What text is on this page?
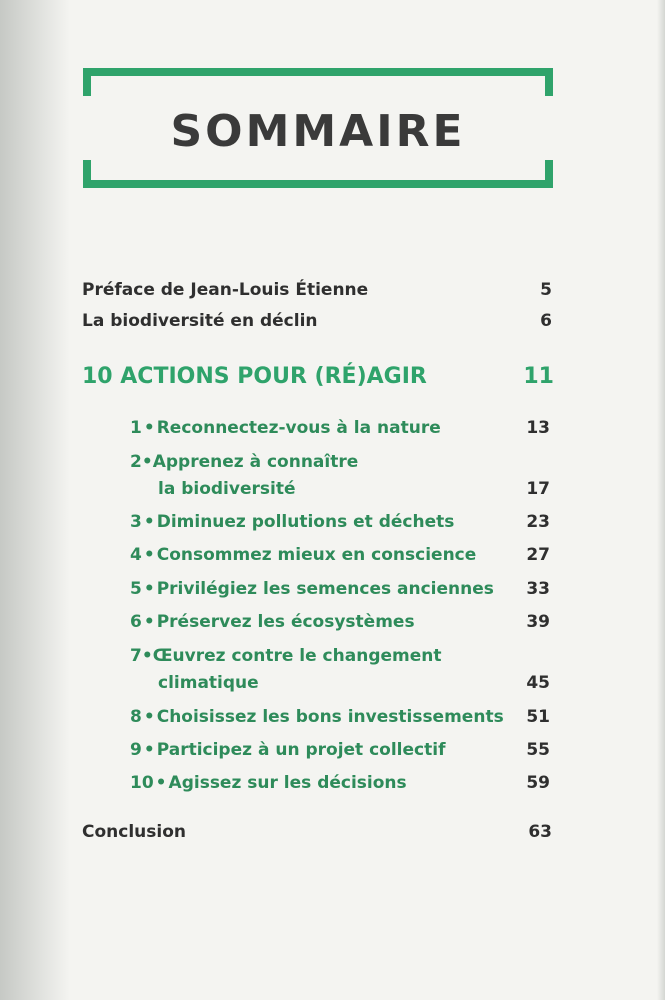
SOMMAIRE
Préface de Jean-Louis Étienne	5
La biodiversité en déclin	6
10 ACTIONS POUR (RÉ)AGIR	11
1 • Reconnectez-vous à la nature	13
2•Apprenez à connaître
la biodiversité	17
3 • Diminuez pollutions et déchets	23
4 • Consommez mieux en conscience	27
5 • Privilégiez les semences anciennes	33
6 • Préservez les écosystèmes	39
7•Œuvrez contre le changement
climatique	45
8 • Choisissez les bons investissements	51
9 • Participez à un projet collectif	55
10 • Agissez sur les décisions	59
Conclusion	63
